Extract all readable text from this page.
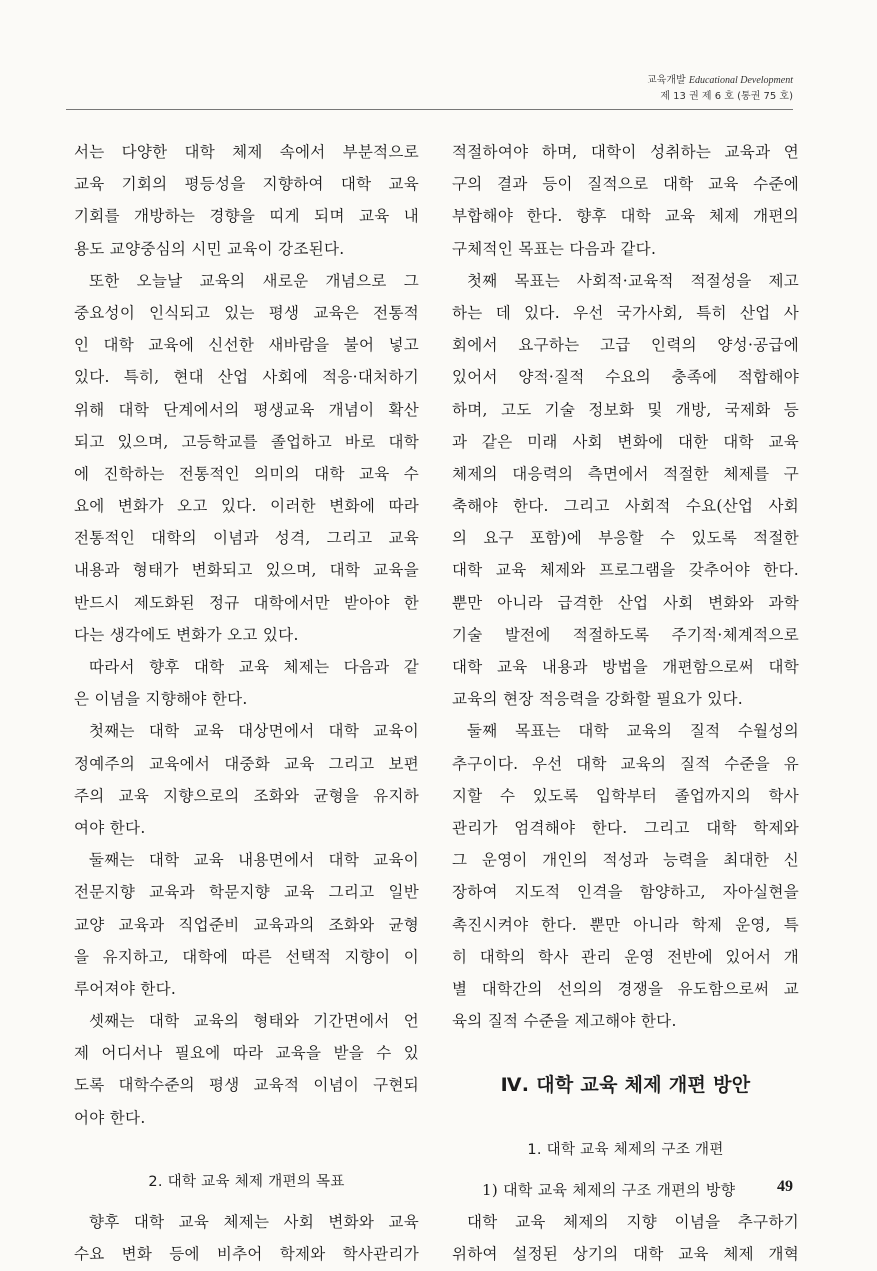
교육개발 Educational Development
제 13 권 제 6 호 (통권 75 호)
서는 다양한 대학 체제 속에서 부분적으로
교육 기회의 평등성을 지향하여 대학 교육
기회를 개방하는 경향을 띠게 되며 교육 내
용도 교양중심의 시민 교육이 강조된다.
또한 오늘날 교육의 새로운 개념으로 그
중요성이 인식되고 있는 평생 교육은 전통적
인 대학 교육에 신선한 새바람을 불어 넣고
있다. 특히, 현대 산업 사회에 적응·대처하기
위해 대학 단계에서의 평생교육 개념이 확산
되고 있으며, 고등학교를 졸업하고 바로 대학
에 진학하는 전통적인 의미의 대학 교육 수
요에 변화가 오고 있다. 이러한 변화에 따라
전통적인 대학의 이념과 성격, 그리고 교육
내용과 형태가 변화되고 있으며, 대학 교육을
반드시 제도화된 정규 대학에서만 받아야 한
다는 생각에도 변화가 오고 있다.
따라서 향후 대학 교육 체제는 다음과 같
은 이념을 지향해야 한다.
첫째는 대학 교육 대상면에서 대학 교육이
정예주의 교육에서 대중화 교육 그리고 보편
주의 교육 지향으로의 조화와 균형을 유지하
여야 한다.
둘째는 대학 교육 내용면에서 대학 교육이
전문지향 교육과 학문지향 교육 그리고 일반
교양 교육과 직업준비 교육과의 조화와 균형
을 유지하고, 대학에 따른 선택적 지향이 이
루어져야 한다.
셋째는 대학 교육의 형태와 기간면에서 언
제 어디서나 필요에 따라 교육을 받을 수 있
도록 대학수준의 평생 교육적 이념이 구현되
어야 한다.
2. 대학 교육 체제 개편의 목표
향후 대학 교육 체제는 사회 변화와 교육
수요 변화 등에 비추어 학제와 학사관리가
적절하여야 하며, 대학이 성취하는 교육과 연
구의 결과 등이 질적으로 대학 교육 수준에
부합해야 한다. 향후 대학 교육 체제 개편의
구체적인 목표는 다음과 같다.
첫째 목표는 사회적·교육적 적절성을 제고
하는 데 있다. 우선 국가사회, 특히 산업 사
회에서 요구하는 고급 인력의 양성·공급에
있어서 양적·질적 수요의 충족에 적합해야
하며, 고도 기술 정보화 및 개방, 국제화 등
과 같은 미래 사회 변화에 대한 대학 교육
체제의 대응력의 측면에서 적절한 체제를 구
축해야 한다. 그리고 사회적 수요(산업 사회
의 요구 포함)에 부응할 수 있도록 적절한
대학 교육 체제와 프로그램을 갖추어야 한다.
뿐만 아니라 급격한 산업 사회 변화와 과학
기술 발전에 적절하도록 주기적·체계적으로
대학 교육 내용과 방법을 개편함으로써 대학
교육의 현장 적응력을 강화할 필요가 있다.
둘째 목표는 대학 교육의 질적 수월성의
추구이다. 우선 대학 교육의 질적 수준을 유
지할 수 있도록 입학부터 졸업까지의 학사
관리가 엄격해야 한다. 그리고 대학 학제와
그 운영이 개인의 적성과 능력을 최대한 신
장하여 지도적 인격을 함양하고, 자아실현을
촉진시켜야 한다. 뿐만 아니라 학제 운영, 특
히 대학의 학사 관리 운영 전반에 있어서 개
별 대학간의 선의의 경쟁을 유도함으로써 교
육의 질적 수준을 제고해야 한다.
Ⅳ. 대학 교육 체제 개편 방안
1. 대학 교육 체제의 구조 개편
1) 대학 교육 체제의 구조 개편의 방향
대학 교육 체제의 지향 이념을 추구하기
위하여 설정된 상기의 대학 교육 체제 개혁
49
